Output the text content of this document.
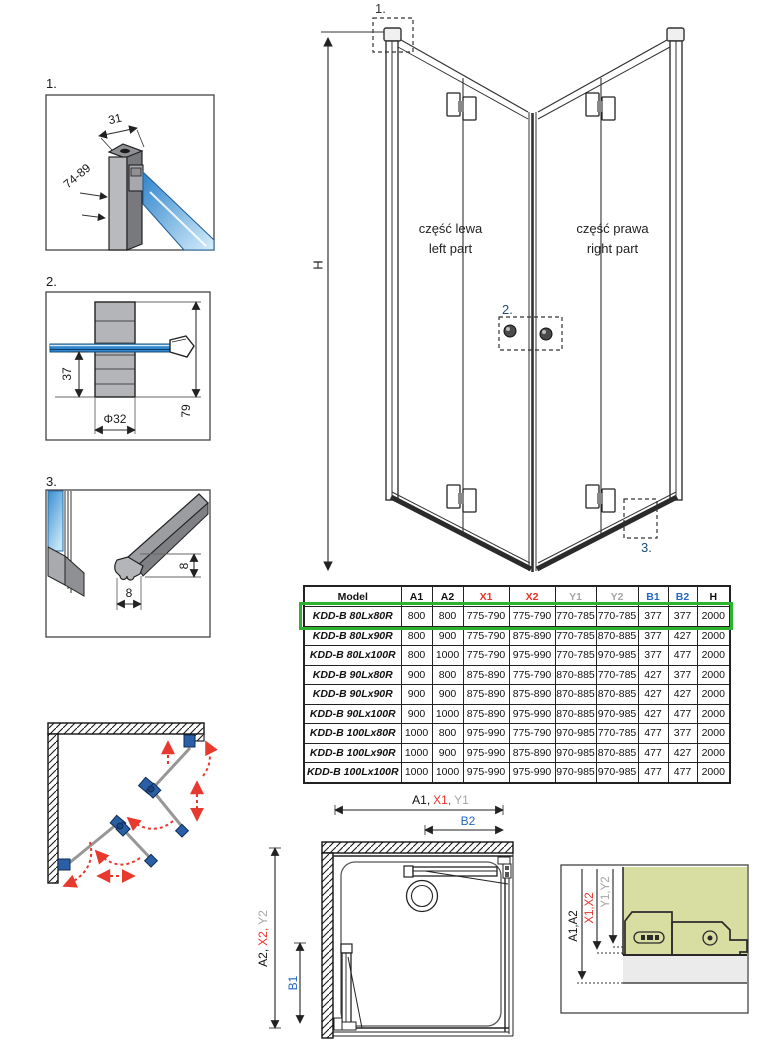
1.
2.
3.
31
74-89
37
Φ32
79
8
8
1.
2.
3.
H
część lewa
left part
część prawa
right part
A1, X1, Y1
B2
A2,X2,Y2
B1
A1,A2
X1,X2
Y1,Y2
Model	A1	A2	X1	X2	Y1	Y2	B1	B2	H
KDD-B 80Lx80R	800	800	775-790	775-790	770-785	770-785	377	377	2000
KDD-B 80Lx90R	800	900	775-790	875-890	770-785	870-885	377	427	2000
KDD-B 80Lx100R	800	1000	775-790	975-990	770-785	970-985	377	477	2000
KDD-B 90Lx80R	900	800	875-890	775-790	870-885	770-785	427	377	2000
KDD-B 90Lx90R	900	900	875-890	875-890	870-885	870-885	427	427	2000
KDD-B 90Lx100R	900	1000	875-890	975-990	870-885	970-985	427	477	2000
KDD-B 100Lx80R	1000	800	975-990	775-790	970-985	770-785	477	377	2000
KDD-B 100Lx90R	1000	900	975-990	875-890	970-985	870-885	477	427	2000
KDD-B 100Lx100R	1000	1000	975-990	975-990	970-985	970-985	477	477	2000
